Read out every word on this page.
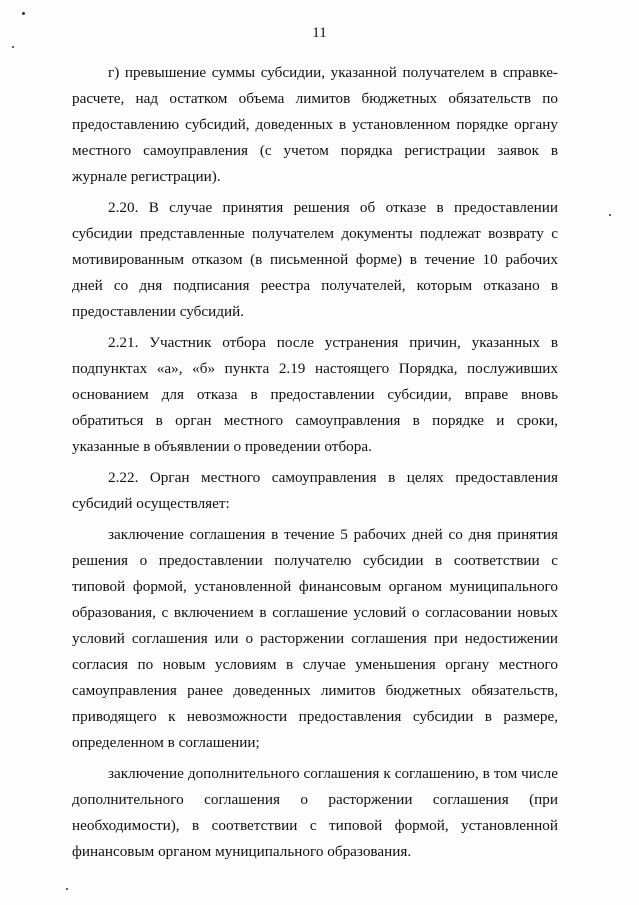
11

г) превышение суммы субсидии, указанной получателем в справке-расчете, над остатком объема лимитов бюджетных обязательств по предоставлению субсидий, доведенных в установленном порядке органу местного самоуправления (с учетом порядка регистрации заявок в журнале регистрации).

2.20. В случае принятия решения об отказе в предоставлении субсидии представленные получателем документы подлежат возврату с мотивированным отказом (в письменной форме) в течение 10 рабочих дней со дня подписания реестра получателей, которым отказано в предоставлении субсидий.

2.21. Участник отбора после устранения причин, указанных в подпунктах «а», «б» пункта 2.19 настоящего Порядка, послуживших основанием для отказа в предоставлении субсидии, вправе вновь обратиться в орган местного самоуправления в порядке и сроки, указанные в объявлении о проведении отбора.

2.22. Орган местного самоуправления в целях предоставления субсидий осуществляет:

заключение соглашения в течение 5 рабочих дней со дня принятия решения о предоставлении получателю субсидии в соответствии с типовой формой, установленной финансовым органом муниципального образования, с включением в соглашение условий о согласовании новых условий соглашения или о расторжении соглашения при недостижении согласия по новым условиям в случае уменьшения органу местного самоуправления ранее доведенных лимитов бюджетных обязательств, приводящего к невозможности предоставления субсидии в размере, определенном в соглашении;

заключение дополнительного соглашения к соглашению, в том числе дополнительного соглашения о расторжении соглашения (при необходимости), в соответствии с типовой формой, установленной финансовым органом муниципального образования.
